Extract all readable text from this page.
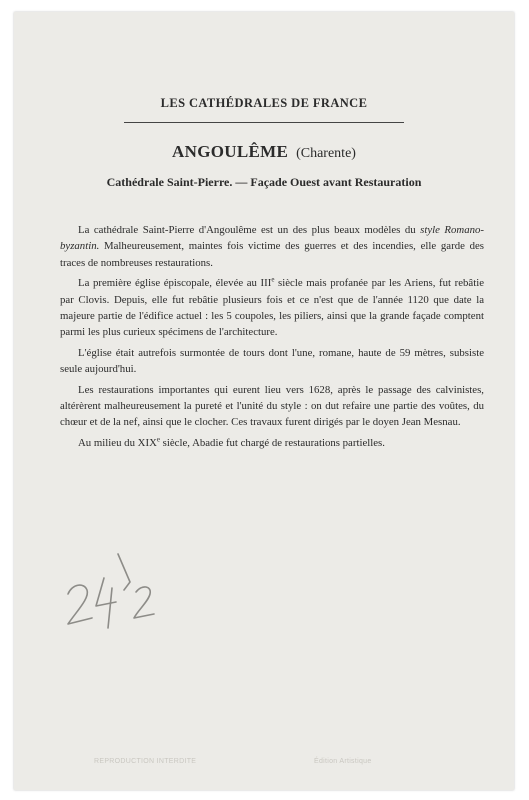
LES CATHÉDRALES DE FRANCE
ANGOULÊME (Charente)
Cathédrale Saint-Pierre. — Façade Ouest avant Restauration

La cathédrale Saint-Pierre d'Angoulême est un des plus beaux modèles du style Romano-byzantin. Malheureusement, maintes fois victime des guerres et des incendies, elle garde des traces de nombreuses restaurations.

La première église épiscopale, élevée au IIIe siècle mais profanée par les Ariens, fut rebâtie par Clovis. Depuis, elle fut rebâtie plusieurs fois et ce n'est que de l'année 1120 que date la majeure partie de l'édifice actuel : les 5 coupoles, les piliers, ainsi que la grande façade comptent parmi les plus curieux spécimens de l'architecture.

L'église était autrefois surmontée de tours dont l'une, romane, haute de 59 mètres, subsiste seule aujourd'hui.

Les restaurations importantes qui eurent lieu vers 1628, après le passage des calvinistes, altérèrent malheureusement la pureté et l'unité du style : on dut refaire une partie des voûtes, du chœur et de la nef, ainsi que le clocher. Ces travaux furent dirigés par le doyen Jean Mesnau.

Au milieu du XIXe siècle, Abadie fut chargé de restaurations partielles.

REPRODUCTION INTERDITE	Édition Artistique
